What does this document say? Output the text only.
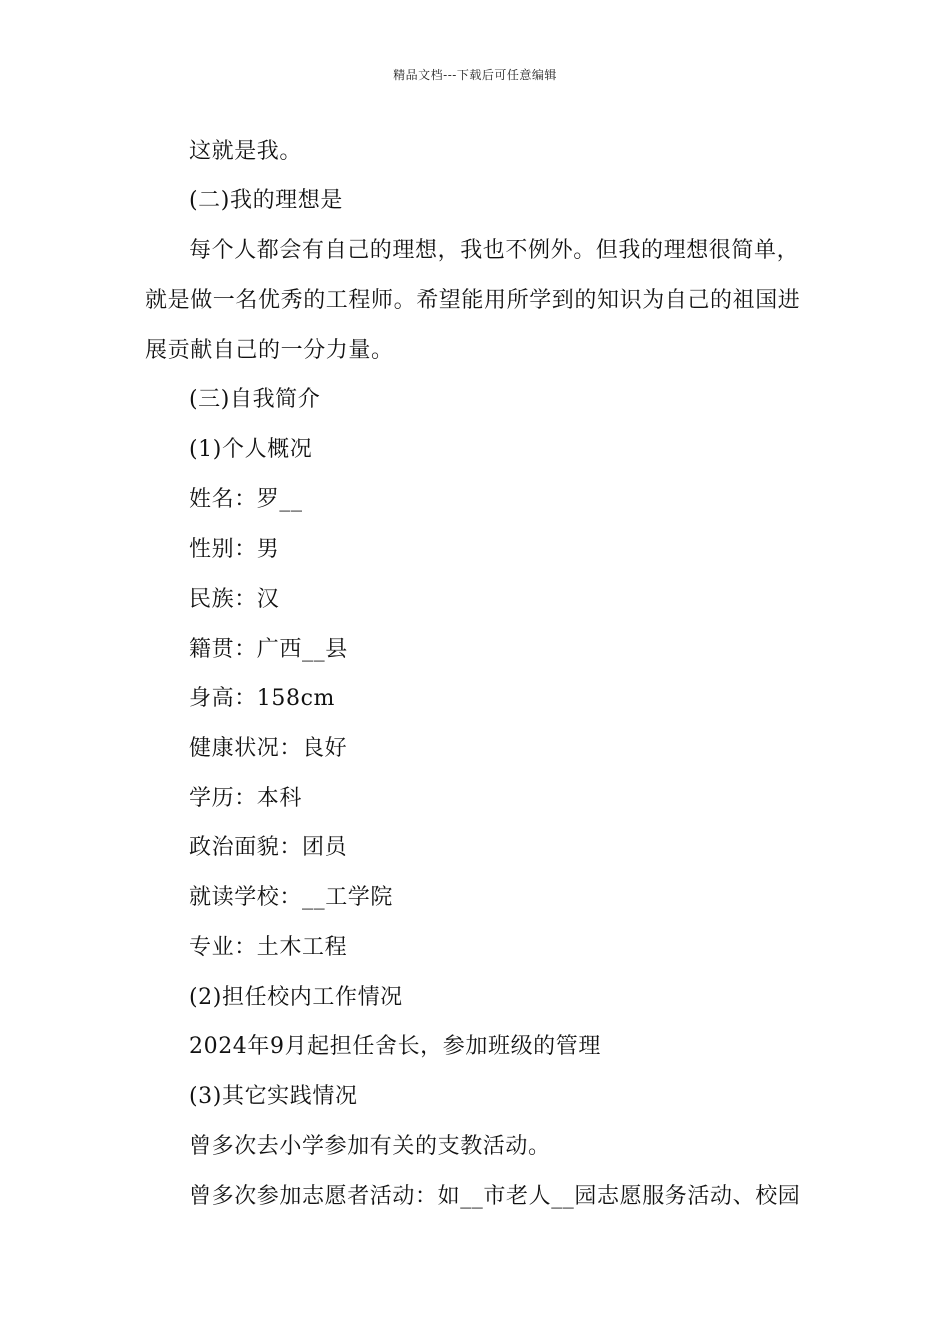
精品文档---下载后可任意编辑
这就是我。
(二)我的理想是
每个人都会有自己的理想，我也不例外。但我的理想很简单，
就是做一名优秀的工程师。希望能用所学到的知识为自己的祖国进
展贡献自己的一分力量。
(三)自我简介
(1)个人概况
姓名：罗__
性别：男
民族：汉
籍贯：广西__县
身高：158cm
健康状况：良好
学历：本科
政治面貌：团员
就读学校：__工学院
专业：土木工程
(2)担任校内工作情况
2024年9月起担任舍长，参加班级的管理
(3)其它实践情况
曾多次去小学参加有关的支教活动。
曾多次参加志愿者活动：如__市老人__园志愿服务活动、校园
